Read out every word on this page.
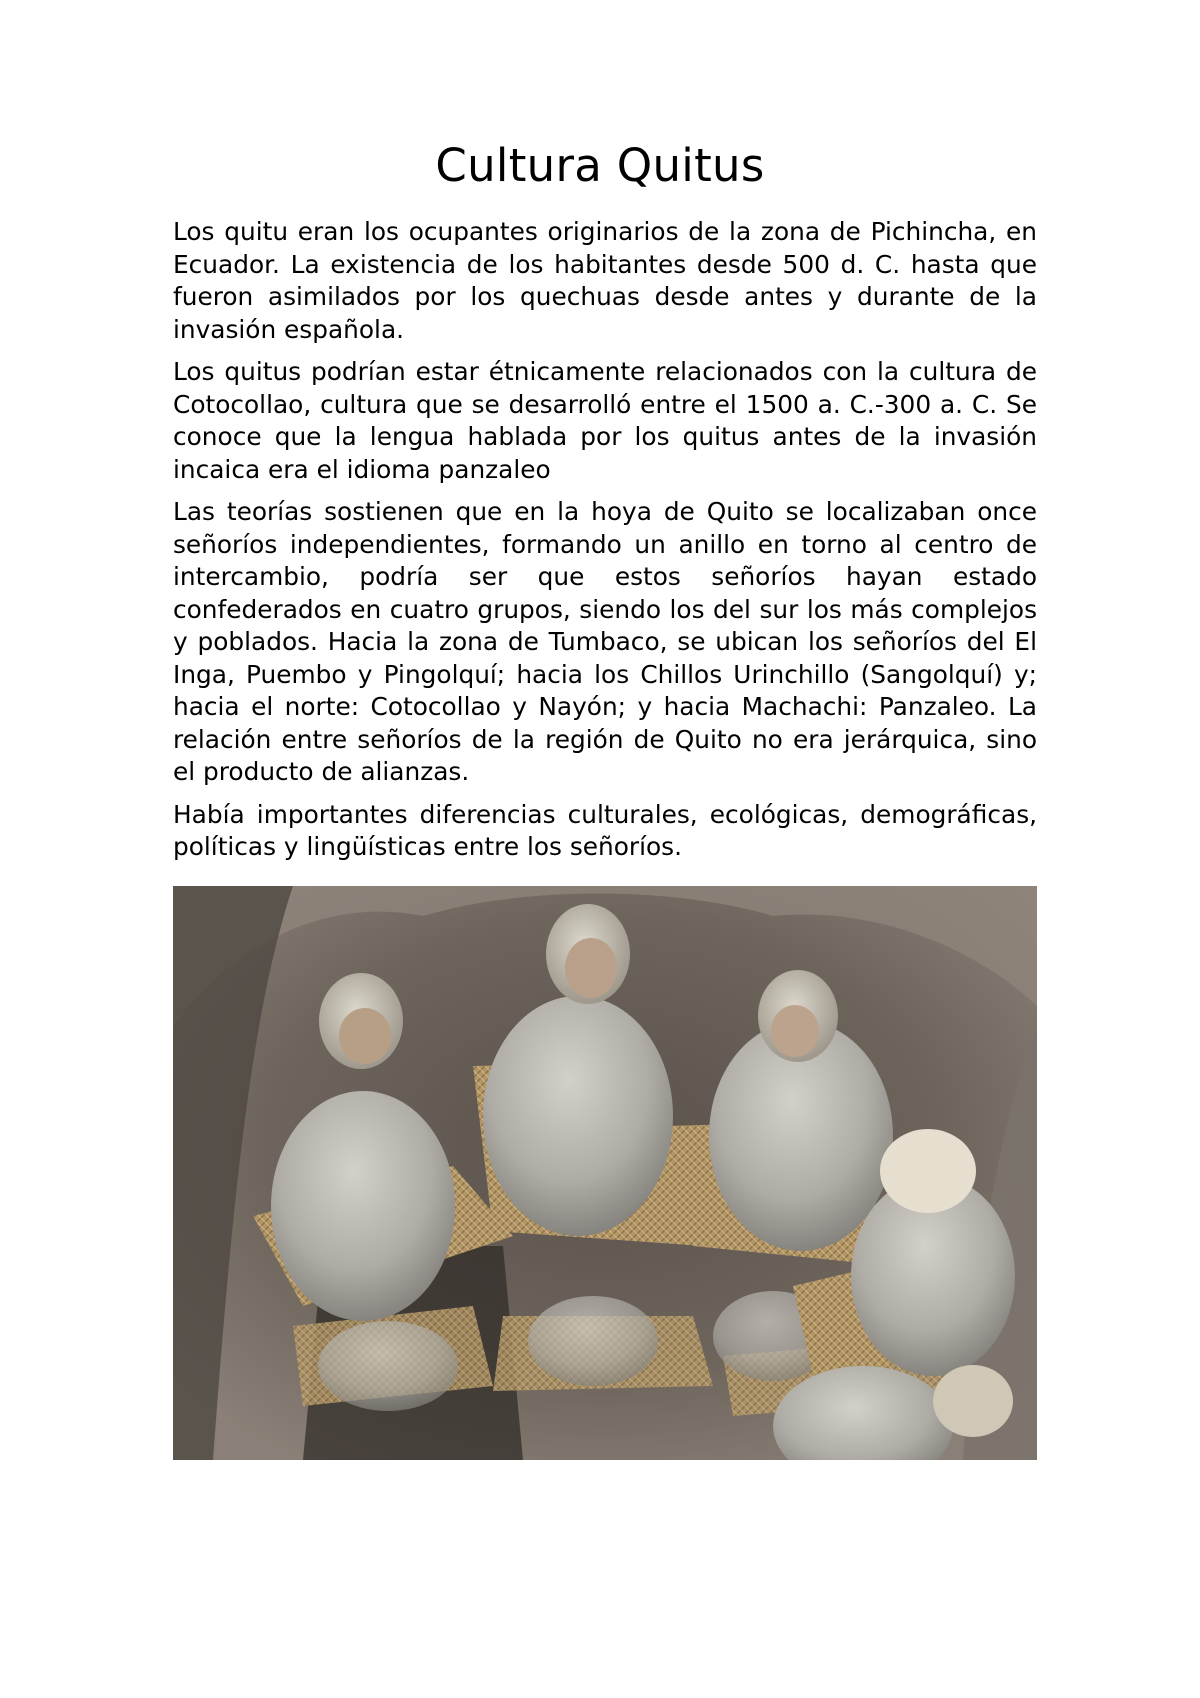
Cultura Quitus

Los quitu eran los ocupantes originarios de la zona de Pichincha, en Ecuador. La existencia de los habitantes desde 500 d. C. hasta que fueron asimilados por los quechuas desde antes y durante de la invasión española.

Los quitus podrían estar étnicamente relacionados con la cultura de Cotocollao, cultura que se desarrolló entre el 1500 a. C.-300 a. C. Se conoce que la lengua hablada por los quitus antes de la invasión incaica era el idioma panzaleo

Las teorías sostienen que en la hoya de Quito se localizaban once señoríos independientes, formando un anillo en torno al centro de intercambio, podría ser que estos señoríos hayan estado confederados en cuatro grupos, siendo los del sur los más complejos y poblados. Hacia la zona de Tumbaco, se ubican los señoríos del El Inga, Puembo y Pingolquí; hacia los Chillos Urinchillo (Sangolquí) y; hacia el norte: Cotocollao y Nayón; y hacia Machachi: Panzaleo. La relación entre señoríos de la región de Quito no era jerárquica, sino el producto de alianzas.

Había importantes diferencias culturales, ecológicas, demográficas, políticas y lingüísticas entre los señoríos.
